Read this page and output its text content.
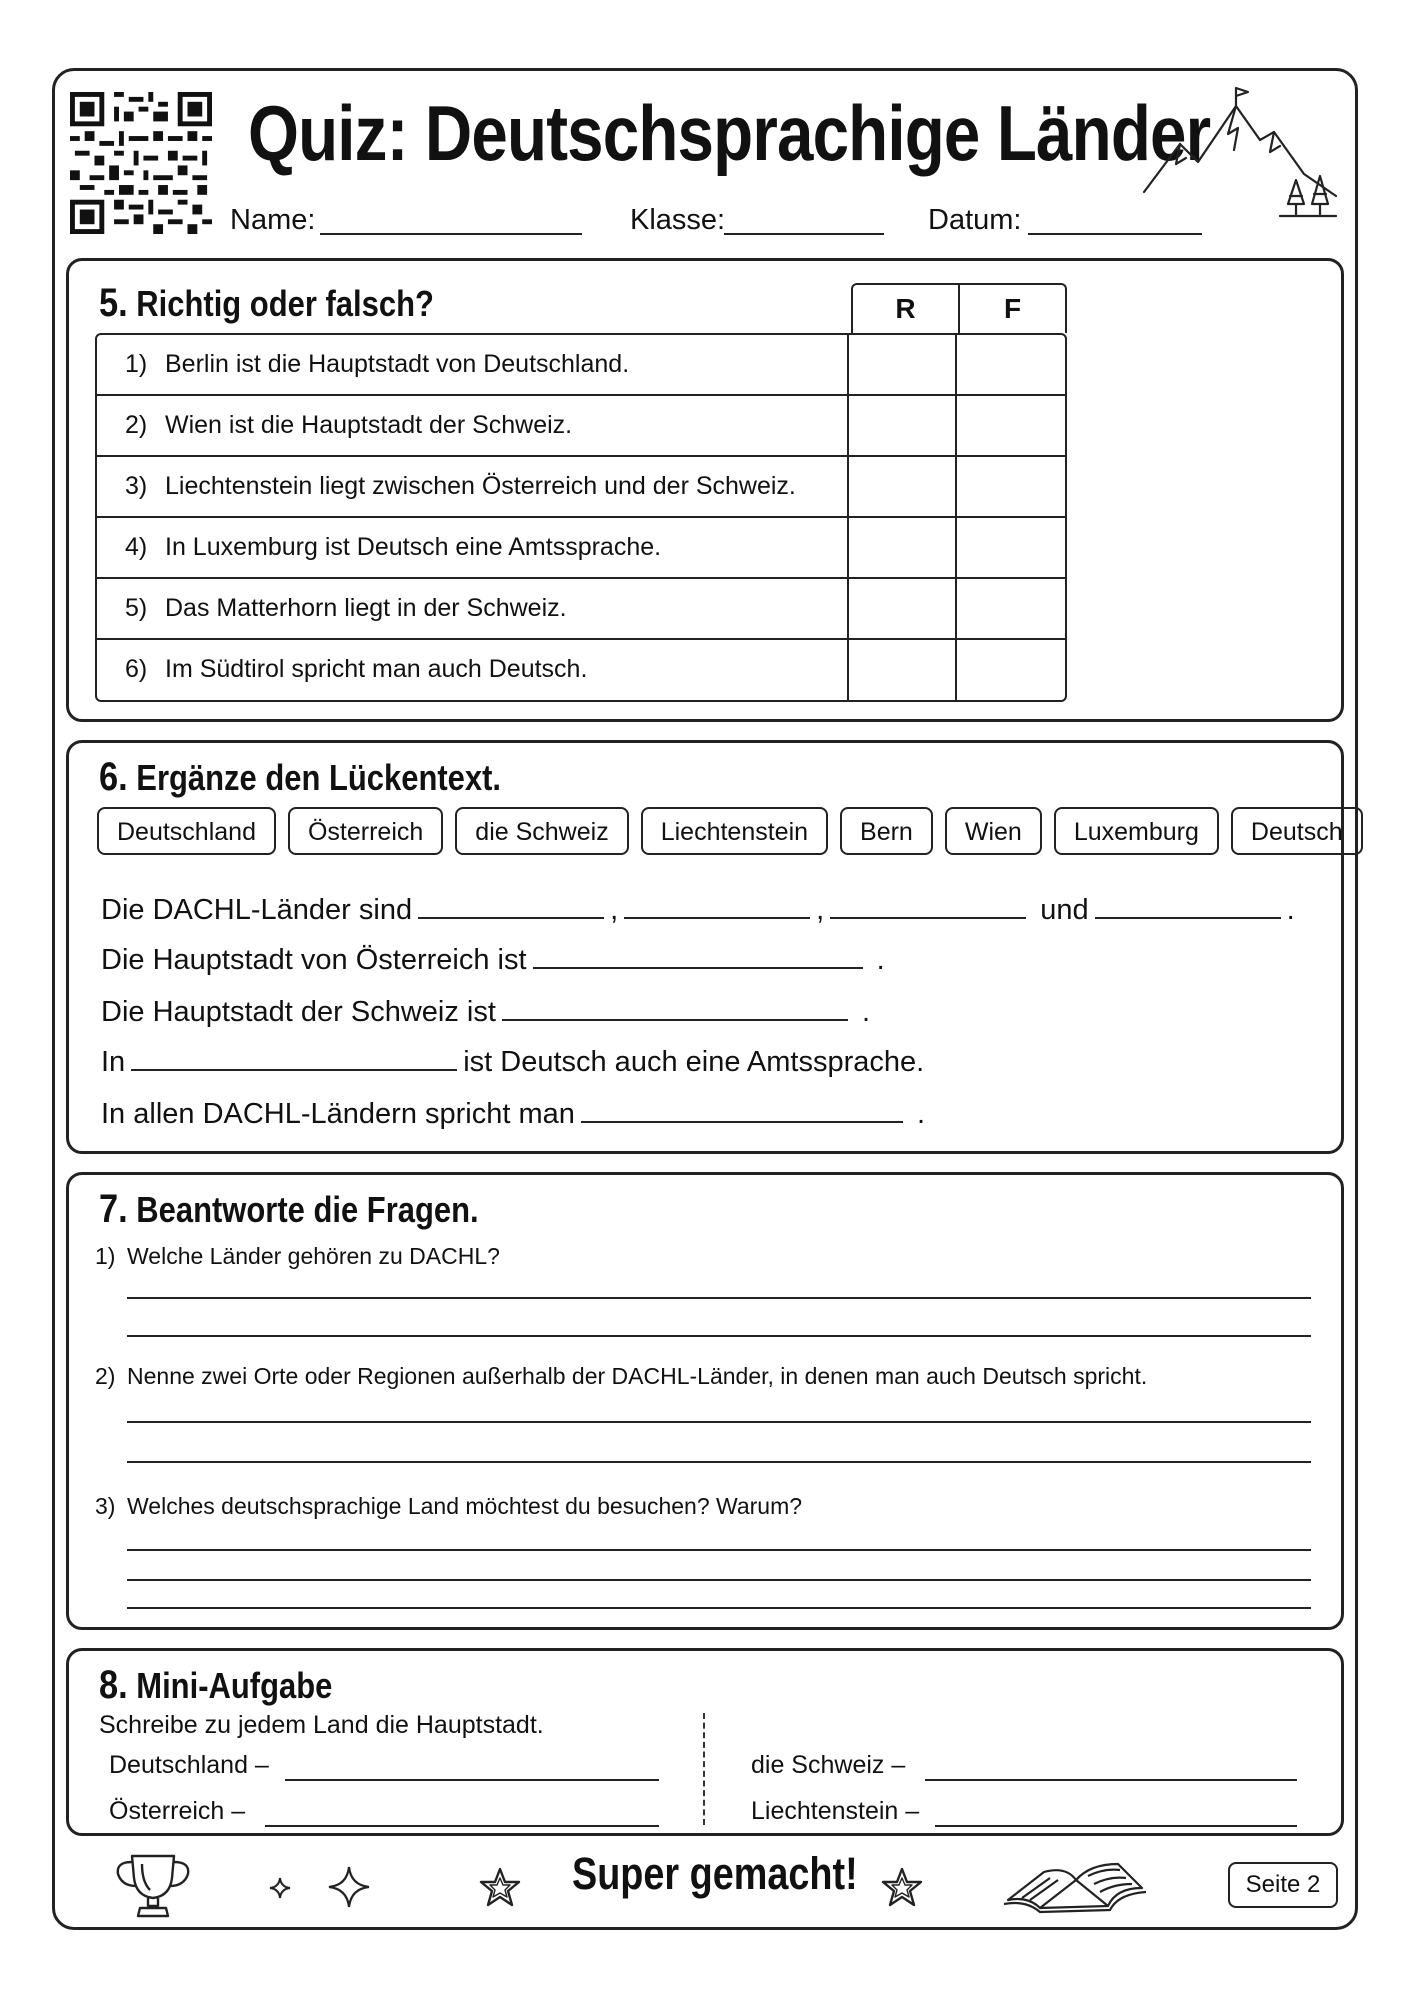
Quiz: Deutschsprachige Länder
Name:	Klasse:	Datum:
5. Richtig oder falsch?	R	F
1) Berlin ist die Hauptstadt von Deutschland.
2) Wien ist die Hauptstadt der Schweiz.
3) Liechtenstein liegt zwischen Österreich und der Schweiz.
4) In Luxemburg ist Deutsch eine Amtssprache.
5) Das Matterhorn liegt in der Schweiz.
6) Im Südtirol spricht man auch Deutsch.
6. Ergänze den Lückentext.
Deutschland	Österreich	die Schweiz	Liechtenstein	Bern	Wien	Luxemburg	Deutsch
Die DACHL-Länder sind	,	,	und	.
Die Hauptstadt von Österreich ist	.
Die Hauptstadt der Schweiz ist	.
In	ist Deutsch auch eine Amtssprache.
In allen DACHL-Ländern spricht man	.
7. Beantworte die Fragen.
1) Welche Länder gehören zu DACHL?
2) Nenne zwei Orte oder Regionen außerhalb der DACHL-Länder, in denen man auch Deutsch spricht.
3) Welches deutschsprachige Land möchtest du besuchen? Warum?
8. Mini-Aufgabe
Schreibe zu jedem Land die Hauptstadt.
Deutschland –
Österreich –
die Schweiz –
Liechtenstein –
Super gemacht!	Seite 2
